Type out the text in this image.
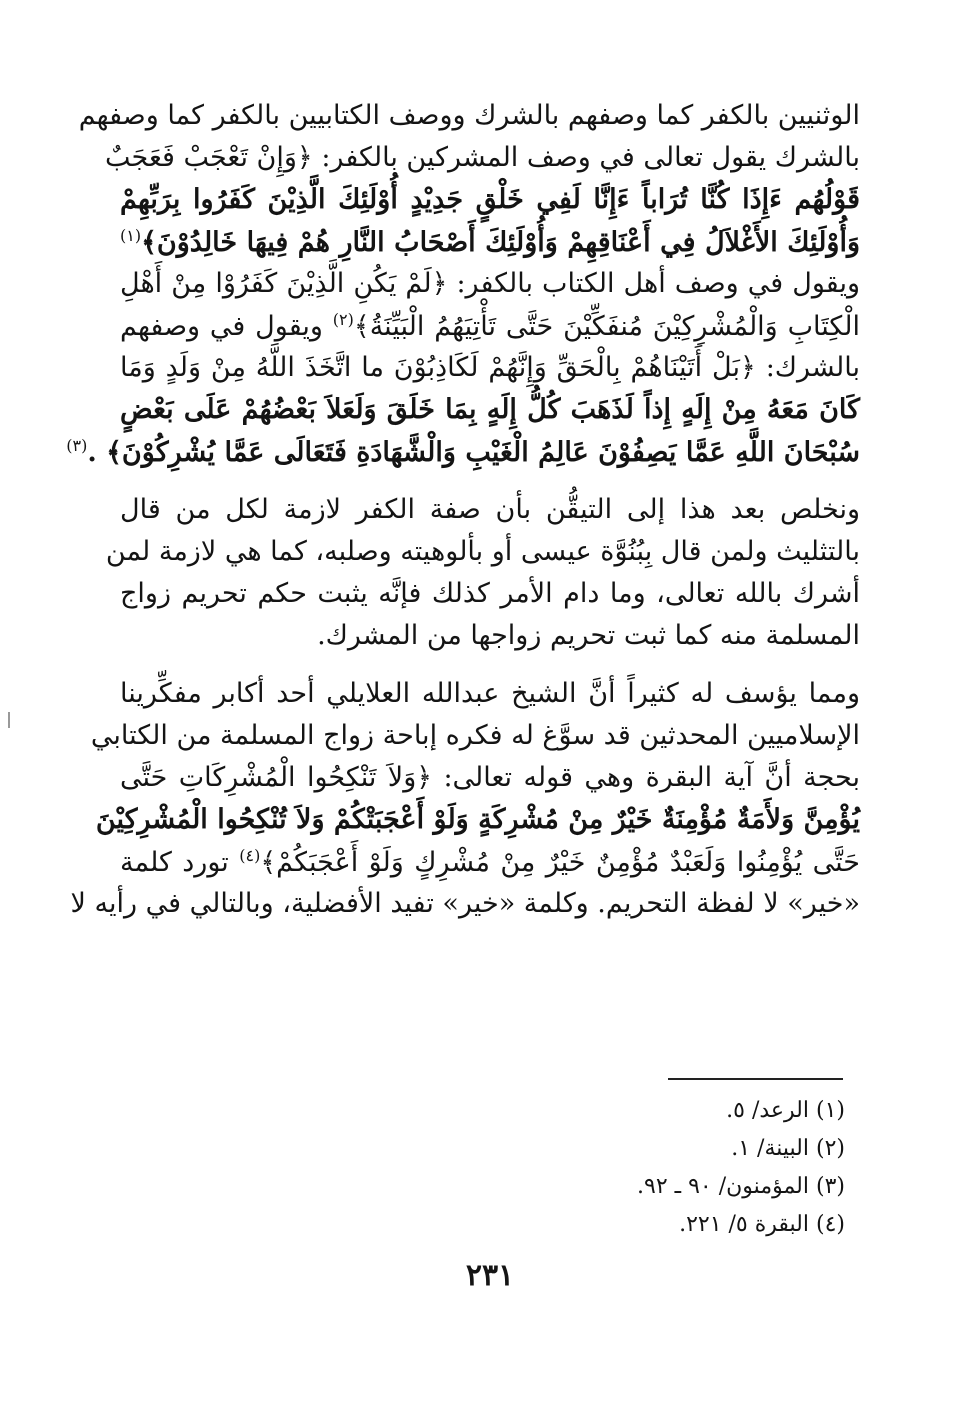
الوثنيين بالكفر كما وصفهم بالشرك ووصف الكتابيين بالكفر كما وصفهم
بالشرك يقول تعالى في وصف المشركين بالكفر: ﴿وَإِنْ تَعْجَبْ فَعَجَبٌ
قَوْلُهُم ءَإِذَا كُنَّا تُرَاباً ءَإِنَّا لَفِي خَلْقٍ جَدِيْدٍ أُوْلَئِكَ الَّذِيْنَ كَفَرُوا بِرَبِّهِمْ
وَأُوْلَئِكَ الأَغْلاَلُ فِي أَعْنَاقِهِمْ وَأُوْلَئِكَ أَصْحَابُ النَّارِ هُمْ فِيهَا خَالِدُوْنَ﴾$^{(١)}$
ويقول في وصف أهل الكتاب بالكفر: ﴿لَمْ يَكُنِ الَّذِيْنَ كَفَرُوْا مِنْ أَهْلِ
الْكِتَابِ وَالْمُشْرِكِيْنَ مُنفَكِّيْنَ حَتَّى تَأْتِيَهُمُ الْبَيِّنَةُ﴾$^{(٢)}$ ويقول في وصفهم
بالشرك: ﴿بَلْ أَتَيْنَاهُمْ بِالْحَقِّ وَإِنَّهُمْ لَكَاذِبُوْنَ ما اتَّخَذَ اللَّهُ مِنْ وَلَدٍ وَمَا
كَانَ مَعَهُ مِنْ إِلَهٍ إِذاً لَذَهَبَ كُلُّ إِلَهٍ بِمَا خَلَقَ وَلَعَلاَ بَعْضُهُمْ عَلَى بَعْضٍ
سُبْحَانَ اللَّهِ عَمَّا يَصِفُوْنَ عَالِمُ الْغَيْبِ وَالْشَّهَادَةِ فَتَعَالَى عَمَّا يُشْرِكُوْنَ﴾ .$^{(٣)}$
ونخلص بعد هذا إلى التيقُّن بأن صفة الكفر لازمة لكل من قال
بالتثليث ولمن قال بِبُنُوَّة عيسى أو بألوهيته وصلبه، كما هي لازمة لمن
أشرك بالله تعالى، وما دام الأمر كذلك فإنَّه يثبت حكم تحريم زواج
المسلمة منه كما ثبت تحريم زواجها من المشرك.
ومما يؤسف له كثيراً أنَّ الشيخ عبدالله العلايلي أحد أكابر مفكِّرينا
الإسلاميين المحدثين قد سوَّغ له فكره إباحة زواج المسلمة من الكتابي
بحجة أنَّ آية البقرة وهي قوله تعالى: ﴿وَلاَ تَنْكِحُوا الْمُشْرِكَاتِ حَتَّى
يُؤْمِنَّ وَلأَمَةٌ مُؤْمِنَةٌ خَيْرٌ مِنْ مُشْرِكَةٍ وَلَوْ أَعْجَبَتْكُمْ وَلاَ تُنْكِحُوا الْمُشْرِكِيْنَ
حَتَّى يُؤْمِنُوا وَلَعَبْدٌ مُؤْمِنٌ خَيْرٌ مِنْ مُشْرِكٍ وَلَوْ أَعْجَبَكُمْ﴾$^{(٤)}$ تورد كلمة
«خير» لا لفظة التحريم. وكلمة «خير» تفيد الأفضلية، وبالتالي في رأيه لا
(١) الرعد/ ٥.
(٢) البينة/ ١.
(٣) المؤمنون/ ٩٠ ـ ٩٢.
(٤) البقرة ٥/ ٢٢١.
٢٣١
